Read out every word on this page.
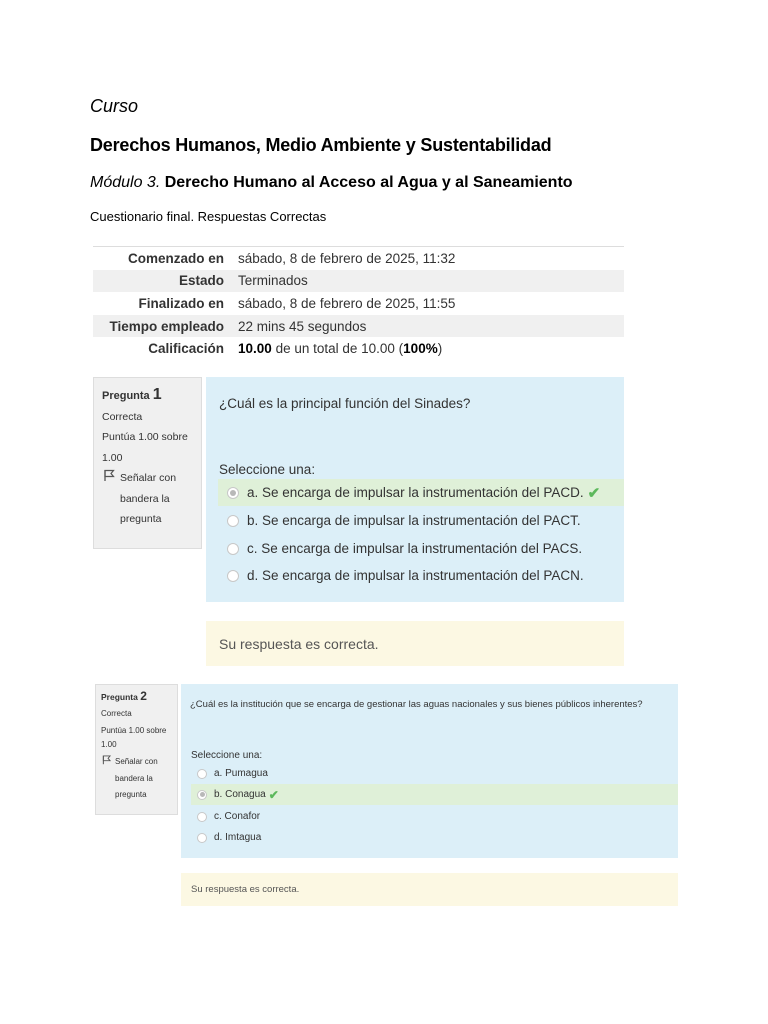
Curso
Derechos Humanos, Medio Ambiente y Sustentabilidad
Módulo 3. Derecho Humano al Acceso al Agua y al Saneamiento
Cuestionario final. Respuestas Correctas
Comenzado en	sábado, 8 de febrero de 2025, 11:32
Estado	Terminados
Finalizado en	sábado, 8 de febrero de 2025, 11:55
Tiempo empleado	22 mins 45 segundos
Calificación	10.00 de un total de 10.00 (100%)
Pregunta 1
Correcta
Puntúa 1.00 sobre 1.00
Señalar con bandera la pregunta
¿Cuál es la principal función del Sinades?
Seleccione una:
a. Se encarga de impulsar la instrumentación del PACD. ✔
b. Se encarga de impulsar la instrumentación del PACT.
c. Se encarga de impulsar la instrumentación del PACS.
d. Se encarga de impulsar la instrumentación del PACN.
Su respuesta es correcta.
Pregunta 2
Correcta
Puntúa 1.00 sobre 1.00
Señalar con bandera la pregunta
¿Cuál es la institución que se encarga de gestionar las aguas nacionales y sus bienes públicos inherentes?
Seleccione una:
a. Pumagua
b. Conagua ✔
c. Conafor
d. Imtagua
Su respuesta es correcta.
